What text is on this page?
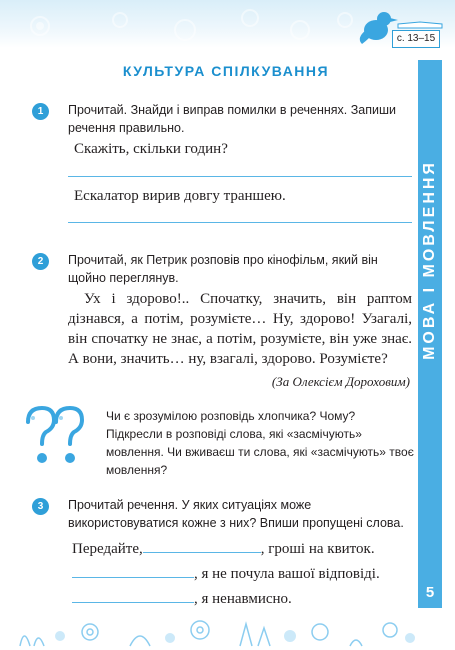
с. 13–15
МОВА І МОВЛЕННЯ
5
КУЛЬТУРА СПІЛКУВАННЯ
1	Прочитай. Знайди і виправ помилки в реченнях. Запиши речення правильно.
Скажіть, скільки годин?
Ескалатор вирив довгу траншею.
2	Прочитай, як Петрик розповів про кінофільм, який він щойно переглянув.
Ух і здорово!.. Спочатку, значить, він раптом дізнався, а потім, розумієте… Ну, здорово! Узагалі, він спочатку не знає, а потім, розумієте, він уже знає. А вони, значить… ну, взагалі, здорово. Розумієте?
(За Олексієм Дороховим)
Чи є зрозумілою розповідь хлопчика? Чому? Підкресли в розповіді слова, які «засмічують» мовлення. Чи вживаєш ти слова, які «засмічують» твоє мовлення?
3	Прочитай речення. У яких ситуаціях може використовуватися кожне з них? Впиши пропущені слова.
Передайте,	, гроші на квиток.
, я не почула вашої відповіді.
, я ненавмисно.
